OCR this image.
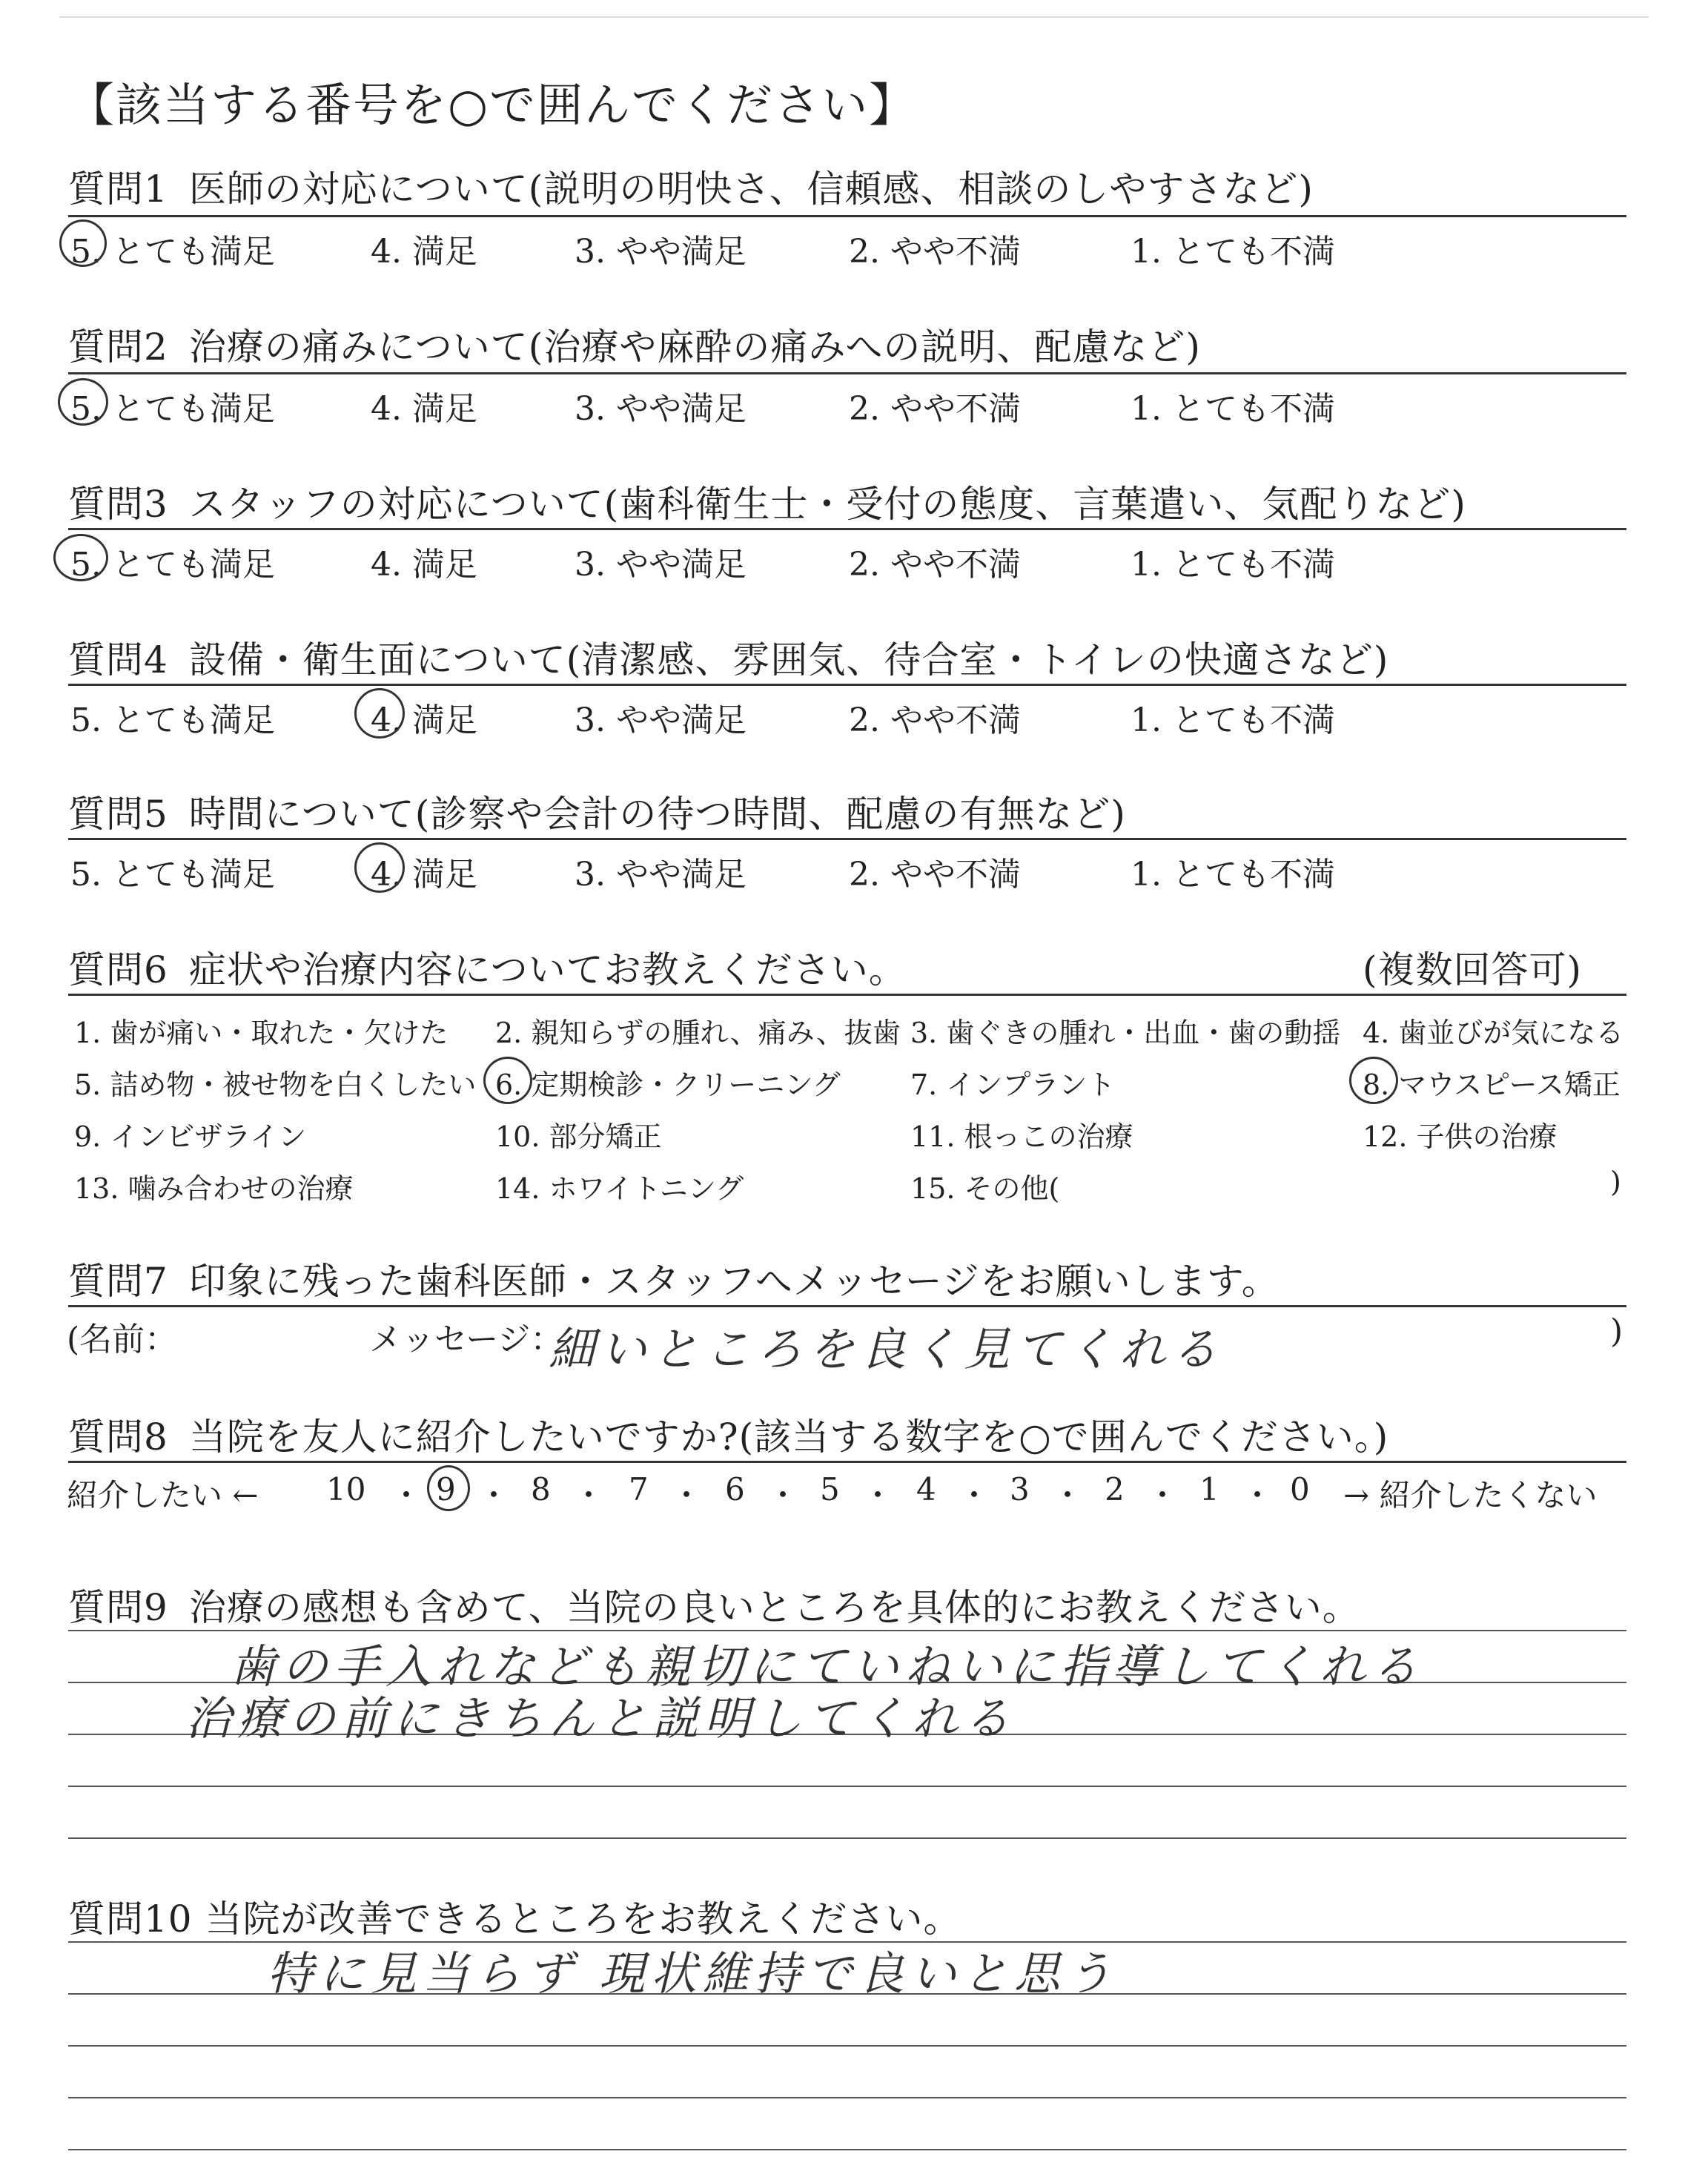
【該当する番号を○で囲んでください】
質問1 医師の対応について(説明の明快さ、信頼感、相談のしやすさなど)
5. とても満足	4. 満足	3. やや満足	2. やや不満	1. とても不満
質問2 治療の痛みについて(治療や麻酔の痛みへの説明、配慮など)
5. とても満足	4. 満足	3. やや満足	2. やや不満	1. とても不満
質問3 スタッフの対応について(歯科衛生士・受付の態度、言葉遣い、気配りなど)
5. とても満足	4. 満足	3. やや満足	2. やや不満	1. とても不満
質問4 設備・衛生面について(清潔感、雰囲気、待合室・トイレの快適さなど)
5. とても満足	4. 満足	3. やや満足	2. やや不満	1. とても不満
質問5 時間について(診察や会計の待つ時間、配慮の有無など)
5. とても満足	4. 満足	3. やや満足	2. やや不満	1. とても不満
質問6 症状や治療内容についてお教えください。	(複数回答可)
1. 歯が痛い・取れた・欠けた 2. 親知らずの腫れ、痛み、抜歯 3. 歯ぐきの腫れ・出血・歯の動揺 4. 歯並びが気になる
5. 詰め物・被せ物を白くしたい 6. 定期検診・クリーニング 7. インプラント	8. マウスピース矯正
9. インビザライン	10. 部分矯正	11. 根っこの治療	12. 子供の治療
13. 噛み合わせの治療	14. ホワイトニング	15. その他(	)
質問7 印象に残った歯科医師・スタッフへメッセージをお願いします。
(名前：	メッセージ：
細いところを良く見てくれる	)
質問8 当院を友人に紹介したいですか?(該当する数字を○で囲んでください。)
紹介したい ←	→ 紹介したくない
10 ・ 9 ・ 8 ・ 7 ・ 6 ・ 5 ・ 4 ・ 3 ・ 2 ・ 1 ・ 0
質問9 治療の感想も含めて、当院の良いところを具体的にお教えください。
歯の手入れなども親切にていねいに指導してくれる
治療の前にきちんと説明してくれる
質問10 当院が改善できるところをお教えください。
特に見当らず 現状維持で良いと思う
